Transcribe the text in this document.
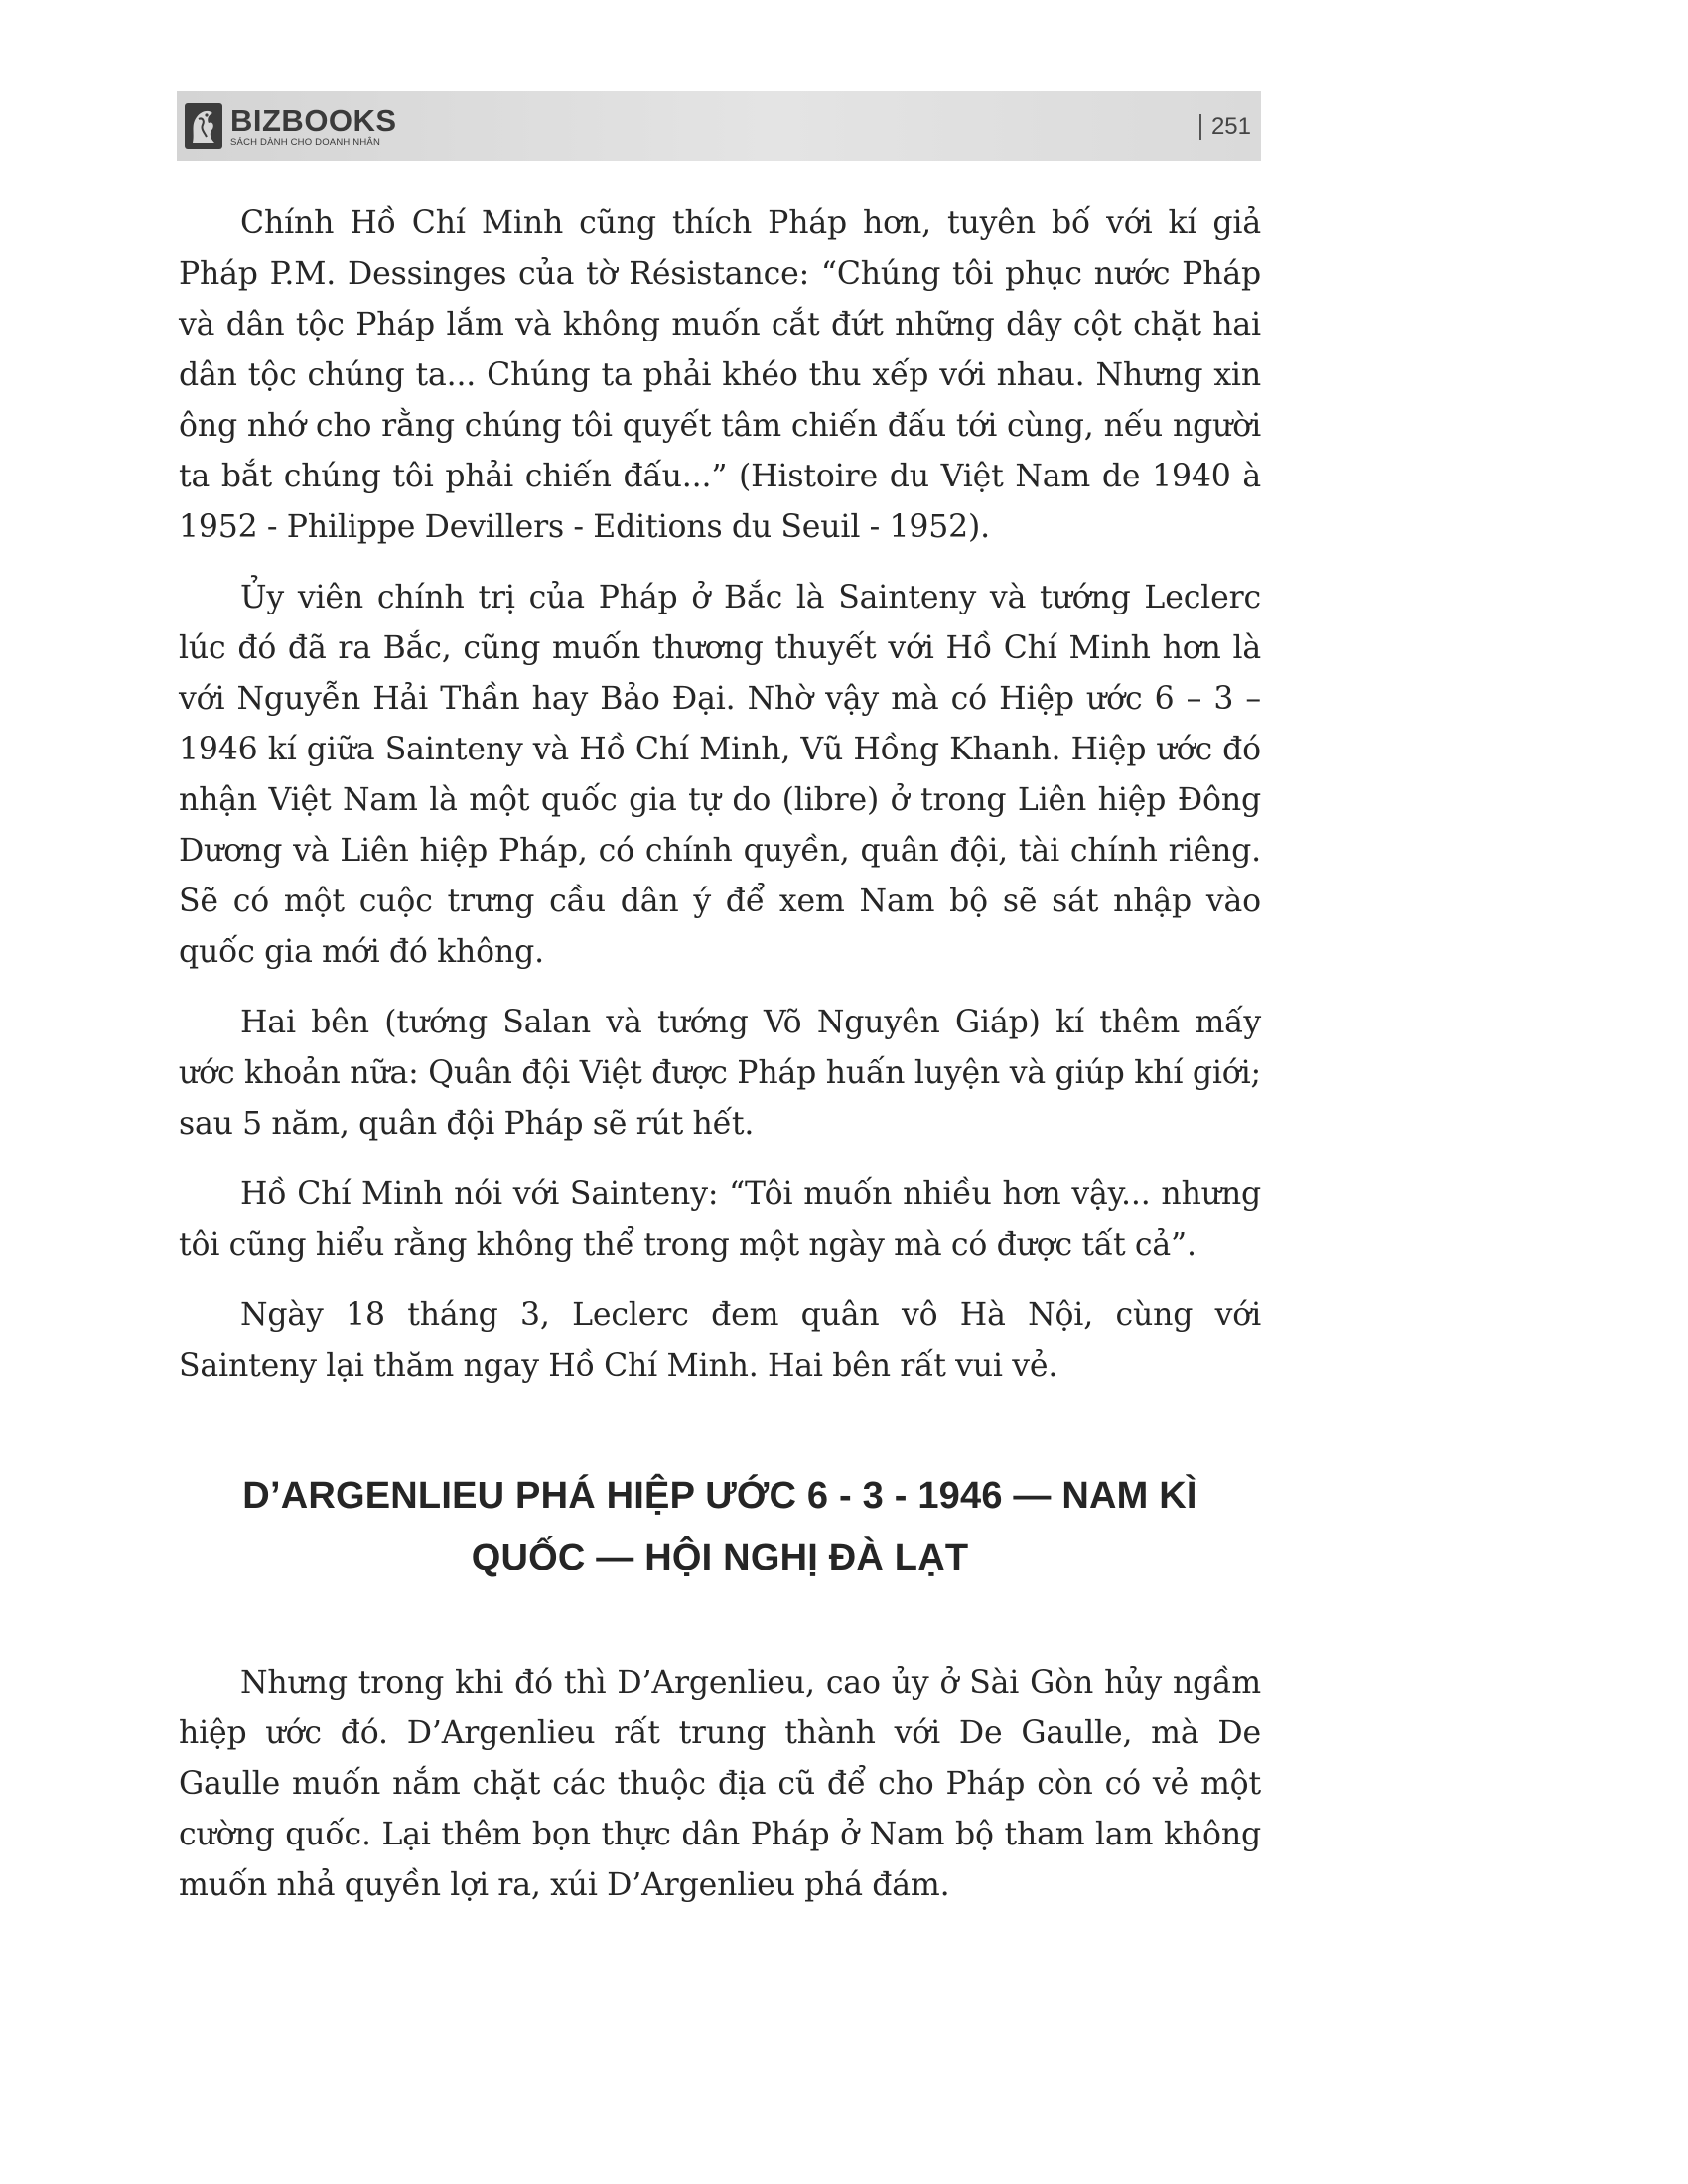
BIZBOOKS
SÁCH DÀNH CHO DOANH NHÂN
251

Chính Hồ Chí Minh cũng thích Pháp hơn, tuyên bố với kí giả Pháp P.M. Dessinges của tờ Résistance: “Chúng tôi phục nước Pháp và dân tộc Pháp lắm và không muốn cắt đứt những dây cột chặt hai dân tộc chúng ta... Chúng ta phải khéo thu xếp với nhau. Nhưng xin ông nhớ cho rằng chúng tôi quyết tâm chiến đấu tới cùng, nếu người ta bắt chúng tôi phải chiến đấu...” (Histoire du Việt Nam de 1940 à 1952 - Philippe Devillers - Editions du Seuil - 1952).

Ủy viên chính trị của Pháp ở Bắc là Sainteny và tướng Leclerc lúc đó đã ra Bắc, cũng muốn thương thuyết với Hồ Chí Minh hơn là với Nguyễn Hải Thần hay Bảo Đại. Nhờ vậy mà có Hiệp ước 6 – 3 – 1946 kí giữa Sainteny và Hồ Chí Minh, Vũ Hồng Khanh. Hiệp ước đó nhận Việt Nam là một quốc gia tự do (libre) ở trong Liên hiệp Đông Dương và Liên hiệp Pháp, có chính quyền, quân đội, tài chính riêng. Sẽ có một cuộc trưng cầu dân ý để xem Nam bộ sẽ sát nhập vào quốc gia mới đó không.

Hai bên (tướng Salan và tướng Võ Nguyên Giáp) kí thêm mấy ước khoản nữa: Quân đội Việt được Pháp huấn luyện và giúp khí giới; sau 5 năm, quân đội Pháp sẽ rút hết.

Hồ Chí Minh nói với Sainteny: “Tôi muốn nhiều hơn vậy... nhưng tôi cũng hiểu rằng không thể trong một ngày mà có được tất cả”.

Ngày 18 tháng 3, Leclerc đem quân vô Hà Nội, cùng với Sainteny lại thăm ngay Hồ Chí Minh. Hai bên rất vui vẻ.

D’ARGENLIEU PHÁ HIỆP ƯỚC 6 - 3 - 1946 — NAM KÌ
QUỐC — HỘI NGHỊ ĐÀ LẠT

Nhưng trong khi đó thì D’Argenlieu, cao ủy ở Sài Gòn hủy ngầm hiệp ước đó. D’Argenlieu rất trung thành với De Gaulle, mà De Gaulle muốn nắm chặt các thuộc địa cũ để cho Pháp còn có vẻ một cường quốc. Lại thêm bọn thực dân Pháp ở Nam bộ tham lam không muốn nhả quyền lợi ra, xúi D’Argenlieu phá đám.
